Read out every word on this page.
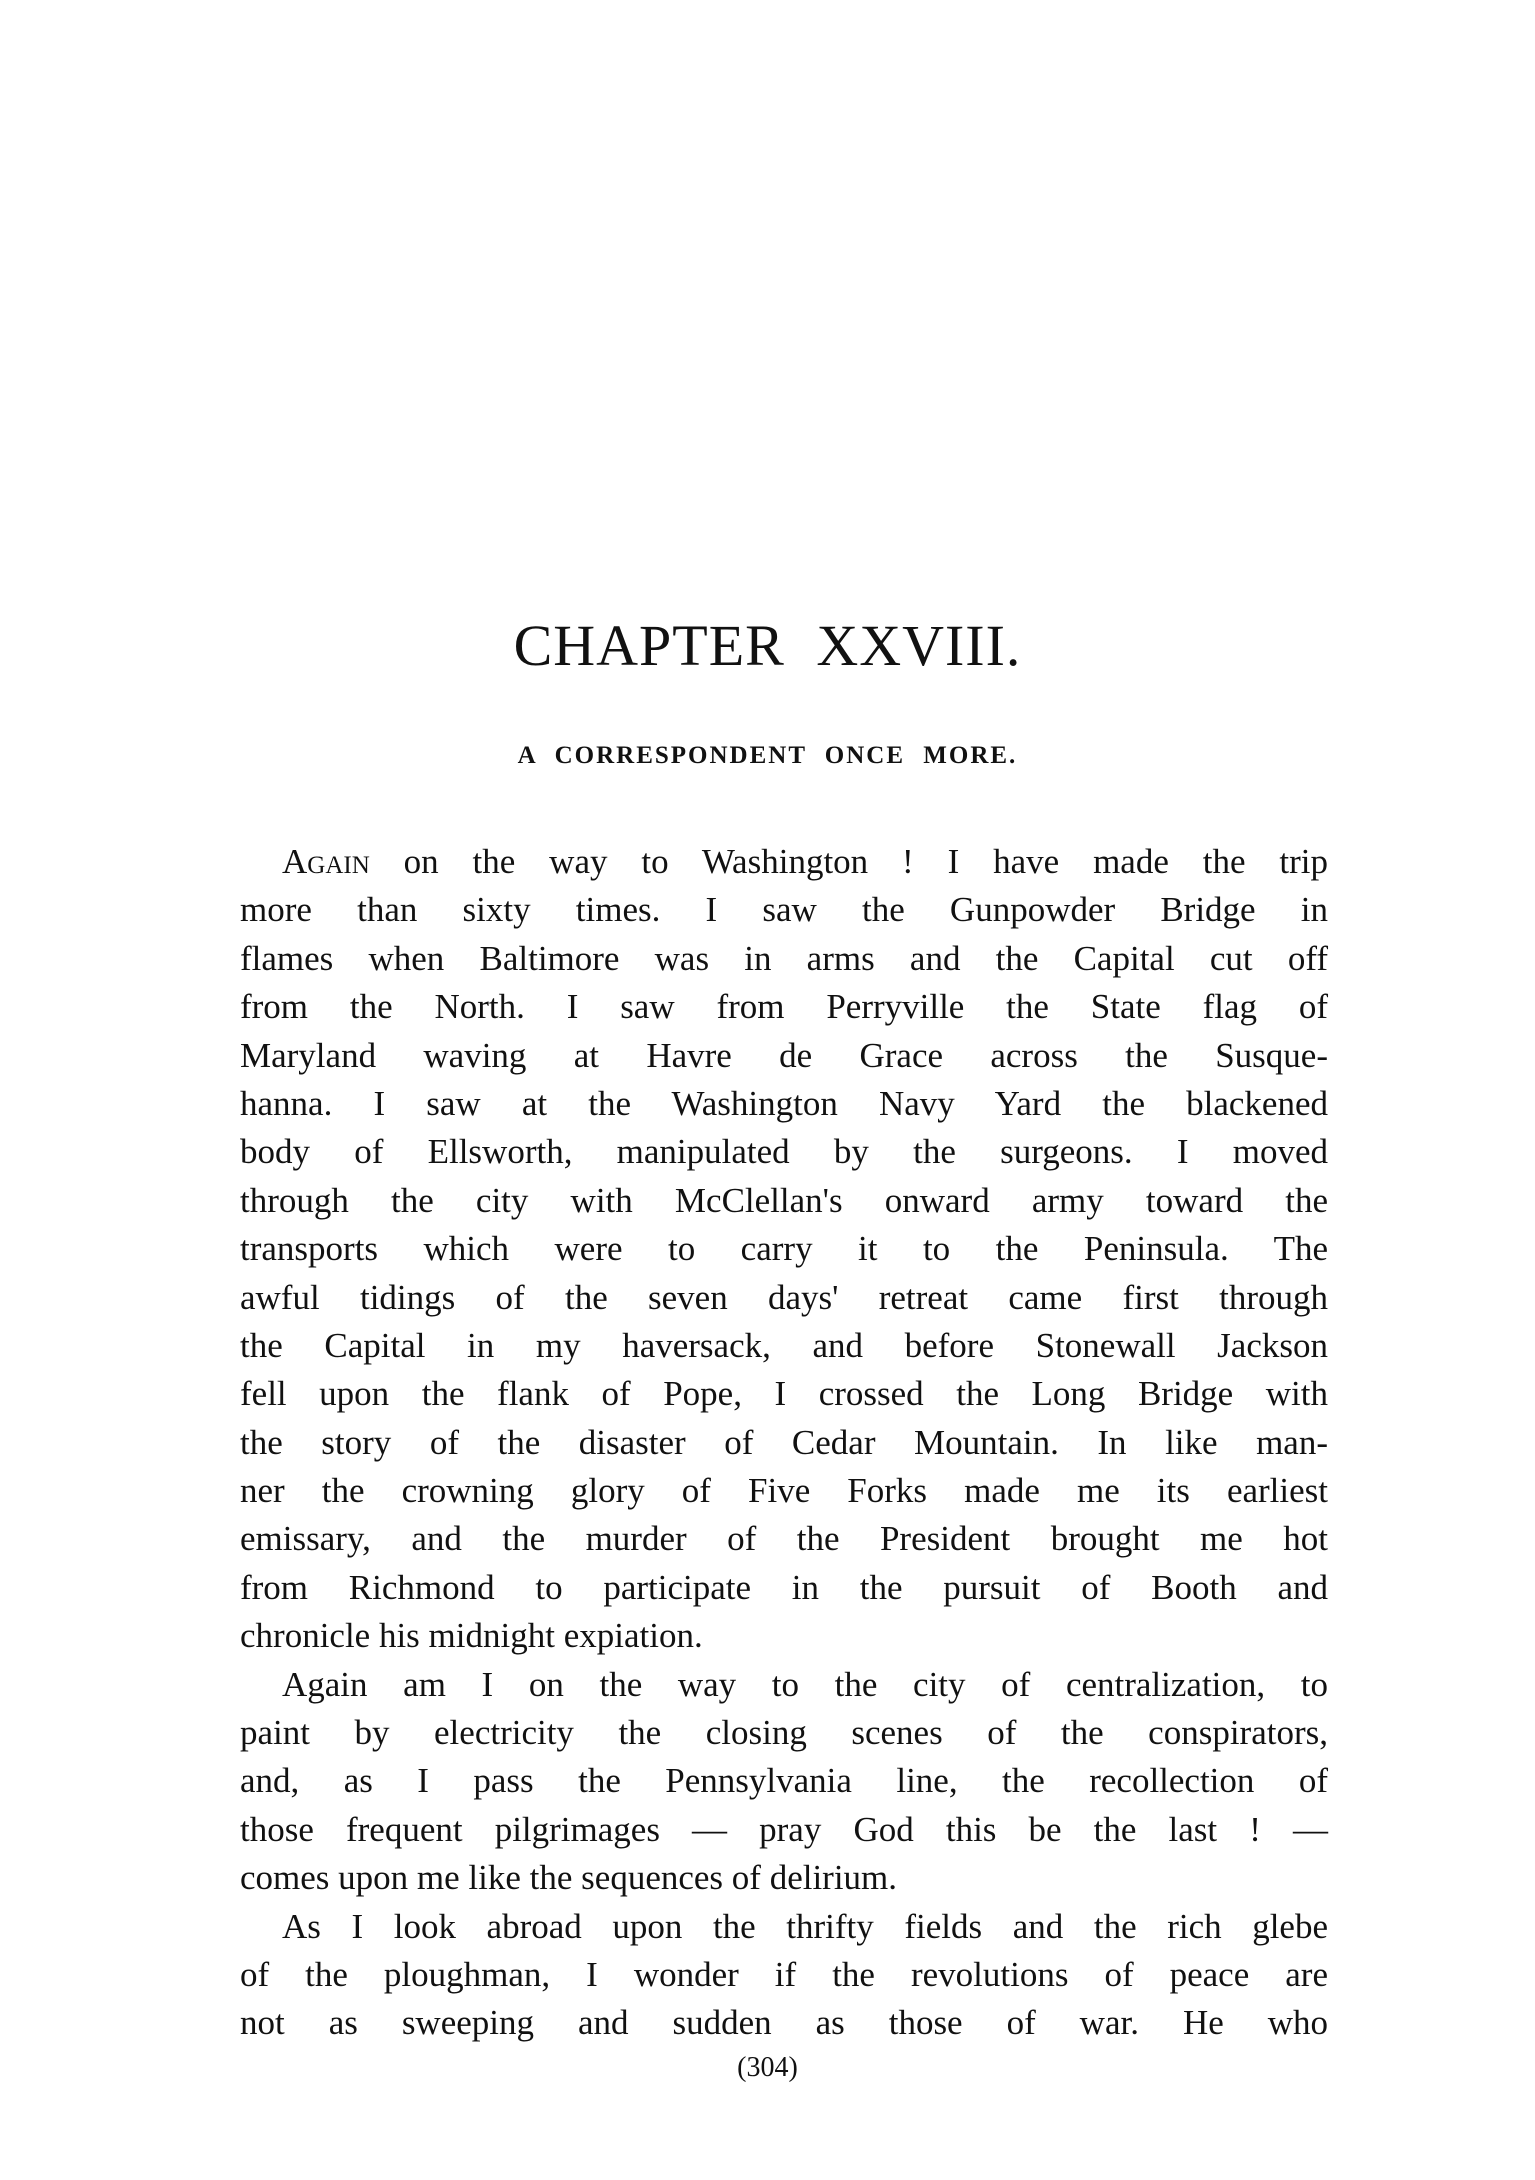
CHAPTER XXVIII.
A CORRESPONDENT ONCE MORE.
Again on the way to Washington ! I have made the trip
more than sixty times. I saw the Gunpowder Bridge in
flames when Baltimore was in arms and the Capital cut off
from the North. I saw from Perryville the State flag of
Maryland waving at Havre de Grace across the Susque-
hanna. I saw at the Washington Navy Yard the blackened
body of Ellsworth, manipulated by the surgeons. I moved
through the city with McClellan's onward army toward the
transports which were to carry it to the Peninsula. The
awful tidings of the seven days' retreat came first through
the Capital in my haversack, and before Stonewall Jackson
fell upon the flank of Pope, I crossed the Long Bridge with
the story of the disaster of Cedar Mountain. In like man-
ner the crowning glory of Five Forks made me its earliest
emissary, and the murder of the President brought me hot
from Richmond to participate in the pursuit of Booth and
chronicle his midnight expiation.
Again am I on the way to the city of centralization, to
paint by electricity the closing scenes of the conspirators,
and, as I pass the Pennsylvania line, the recollection of
those frequent pilgrimages — pray God this be the last ! —
comes upon me like the sequences of delirium.
As I look abroad upon the thrifty fields and the rich glebe
of the ploughman, I wonder if the revolutions of peace are
not as sweeping and sudden as those of war. He who
(304)
